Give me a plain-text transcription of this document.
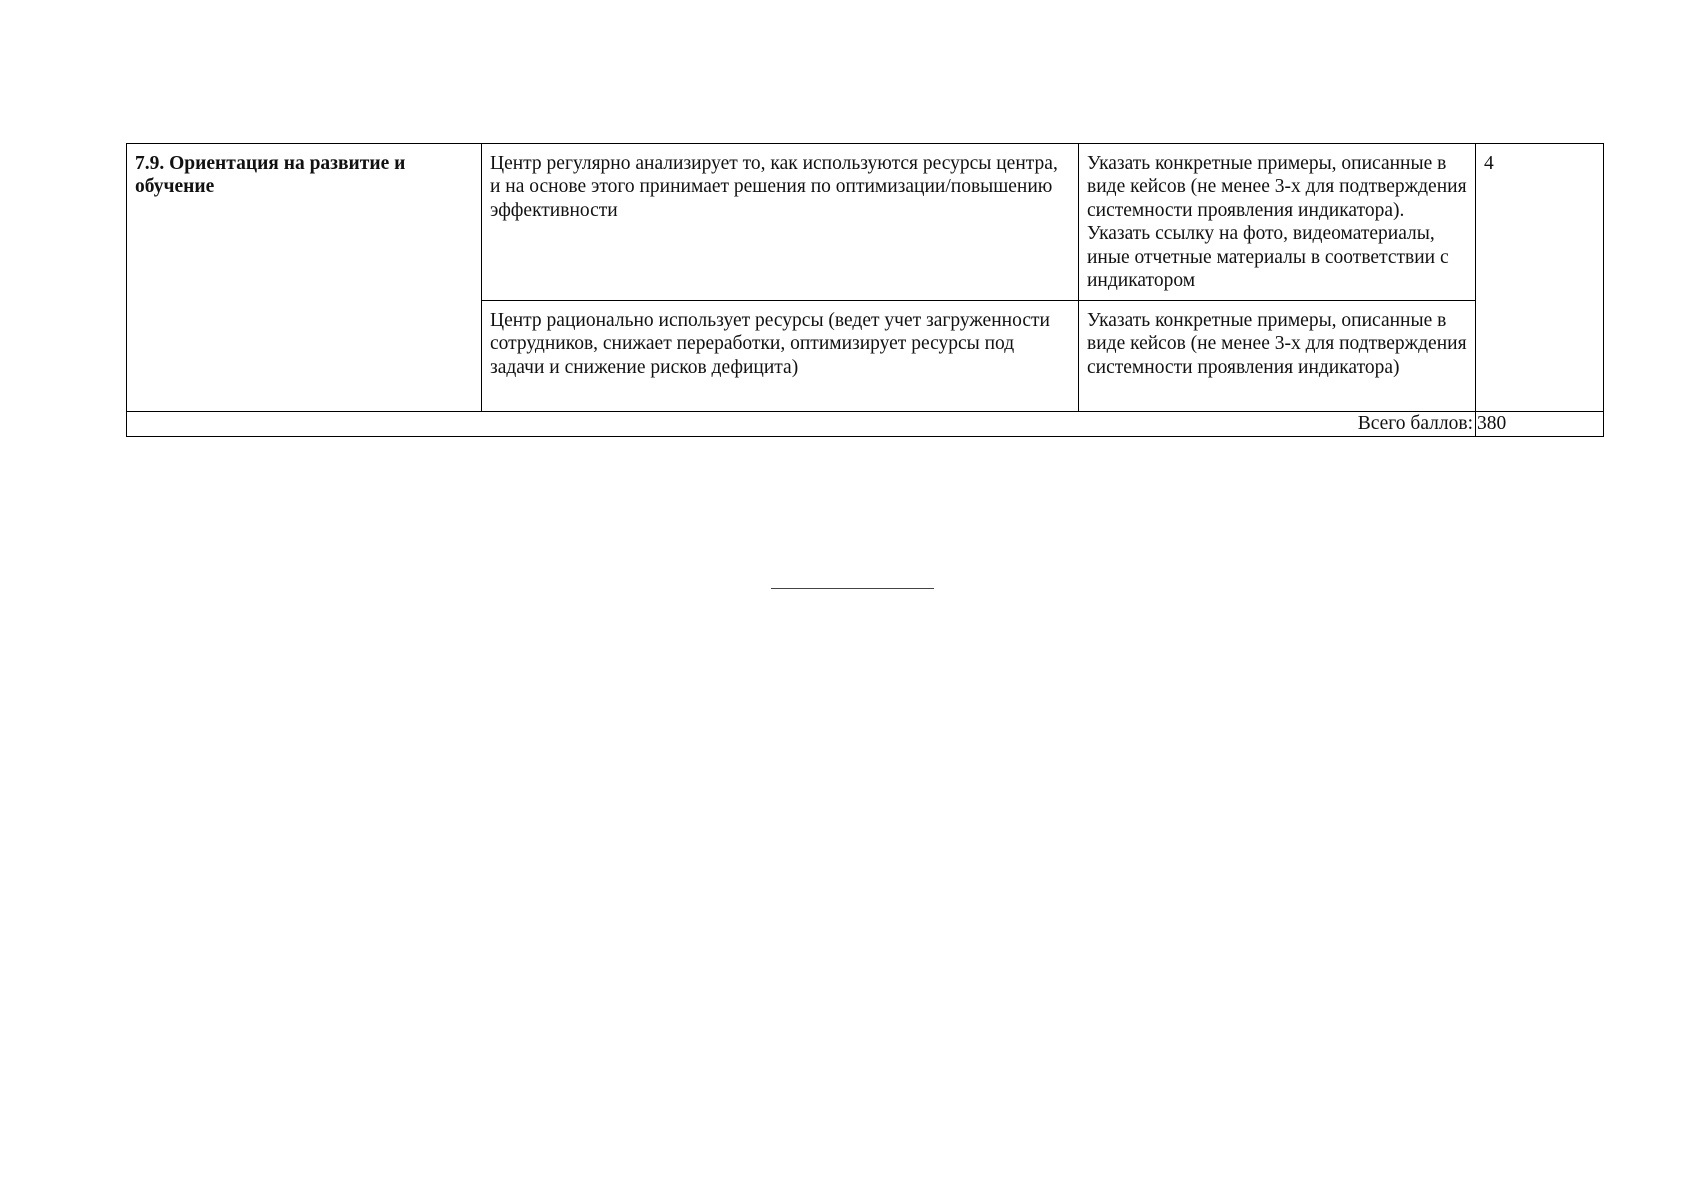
7.9. Ориентация на развитие и обучение	Центр регулярно анализирует то, как используются ресурсы центра, и на основе этого принимает решения по оптимизации/повышению эффективности	Указать конкретные примеры, описанные в виде кейсов (не менее 3-х для подтверждения системности проявления индикатора). Указать ссылку на фото, видеоматериалы, иные отчетные материалы в соответствии с индикатором	4
	Центр рационально использует ресурсы (ведет учет загруженности сотрудников, снижает переработки, оптимизирует ресурсы под задачи и снижение рисков дефицита)	Указать конкретные примеры, описанные в виде кейсов (не менее 3-х для подтверждения системности проявления индикатора)	
Всего баллов:			380
